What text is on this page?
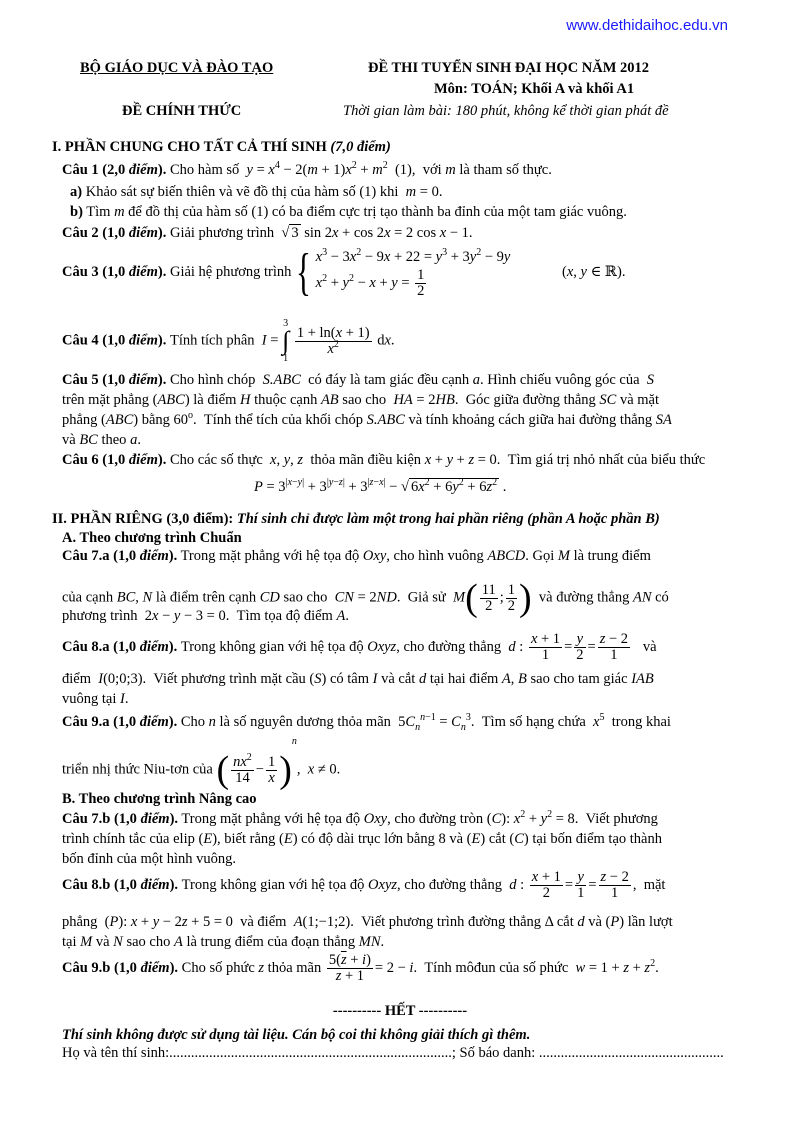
www.dethidaihoc.edu.vn
BỘ GIÁO DỤC VÀ ĐÀO TẠO
ĐỀ CHÍNH THỨC
ĐỀ THI TUYỂN SINH ĐẠI HỌC NĂM 2012
Môn: TOÁN; Khối A và khối A1
Thời gian làm bài: 180 phút, không kể thời gian phát đề
I. PHẦN CHUNG CHO TẤT CẢ THÍ SINH (7,0 điểm)
Câu 1 (2,0 điểm). Cho hàm số  $y = x^4 - 2(m + 1)x^2 + m^2$  (1),  với m là tham số thực.
a) Khảo sát sự biến thiên và vẽ đồ thị của hàm số (1) khi  m = 0.
b) Tìm m để đồ thị của hàm số (1) có ba điểm cực trị tạo thành ba đỉnh của một tam giác vuông.
Câu 2 (1,0 điểm). Giải phương trình  √ 3 sin 2x + cos 2x = 2 cos x − 1.
Câu 3 (1,0 điểm). Giải hệ phương trình { $x^3 - 3x^2 - 9x + 22 = y^3 + 3y^2 - 9y$
$x^2 + y^2 - x + y = \frac{1}{2}$	(x, y ∈ ℝ).
Câu 4 (1,0 điểm). Tính tích phân  I = 3
∫
1
$\frac{1 + \ln(x + 1)}{x^2}$ dx.
Câu 5 (1,0 điểm). Cho hình chóp  S.ABC  có đáy là tam giác đều cạnh a. Hình chiếu vuông góc của  S
trên mặt phẳng (ABC) là điểm H thuộc cạnh AB sao cho  HA = 2HB.  Góc giữa đường thẳng SC và mặt
phẳng (ABC) bằng 60$^o$.  Tính thể tích của khối chóp S.ABC và tính khoảng cách giữa hai đường thẳng SA
và BC theo a.
Câu 6 (1,0 điểm). Cho các số thực  x, y, z  thỏa mãn điều kiện x + y + z = 0.  Tìm giá trị nhỏ nhất của biểu thức
$P = 3^{|x-y|} + 3^{|y-z|} + 3^{|z-x|}$ − √ $6x^2 + 6y^2 + 6z^2$ .
II. PHẦN RIÊNG (3,0 điểm): Thí sinh chỉ được làm một trong hai phần riêng (phần A hoặc phần B)
A. Theo chương trình Chuẩn
Câu 7.a (1,0 điểm). Trong mặt phẳng với hệ tọa độ Oxy, cho hình vuông ABCD. Gọi M là trung điểm
của cạnh BC, N là điểm trên cạnh CD sao cho  CN = 2ND.  Giả sử  $M( \frac{11}{2}$ ; $\frac{1}{2}$ )  và đường thẳng AN có
phương trình  2x − y − 3 = 0.  Tìm tọa độ điểm A.
Câu 8.a (1,0 điểm). Trong không gian với hệ tọa độ Oxyz, cho đường thẳng  d : $\frac{x + 1}{1} = \frac{y}{2} = \frac{z - 2}{1}$ và
điểm  I(0;0;3).  Viết phương trình mặt cầu (S) có tâm I và cắt d tại hai điểm A, B sao cho tam giác IAB
vuông tại I.
Câu 9.a (1,0 điểm). Cho n là số nguyên dương thỏa mãn  $5C_n^{n-1} = C_n^3$.  Tìm số hạng chứa  $x^5$  trong khai
triển nhị thức Niu-tơn của ( $\frac{nx^2}{14} - \frac{1}{x} )^n$,  x ≠ 0.
B. Theo chương trình Nâng cao
Câu 7.b (1,0 điểm). Trong mặt phẳng với hệ tọa độ Oxy, cho đường tròn (C): $x^2 + y^2 = 8$.  Viết phương
trình chính tắc của elip (E), biết rằng (E) có độ dài trục lớn bằng 8 và (E) cắt (C) tại bốn điểm tạo thành
bốn đỉnh của một hình vuông.
Câu 8.b (1,0 điểm). Trong không gian với hệ tọa độ Oxyz, cho đường thẳng  d : $\frac{x + 1}{2} = \frac{y}{1} = \frac{z - 2}{1}$ ,  mặt
phẳng  (P): x + y − 2z + 5 = 0  và điểm  A(1;−1;2).  Viết phương trình đường thẳng Δ cắt d và (P) lần lượt
tại M và N sao cho A là trung điểm của đoạn thẳng MN.
Câu 9.b (1,0 điểm). Cho số phức z thỏa mãn $\frac{5(\overline{z} + i)}{z + 1} = 2 - i$.  Tính môđun của số phức  $w = 1 + z + z^2$.
---------- HẾT ----------
Thí sinh không được sử dụng tài liệu. Cán bộ coi thi không giải thích gì thêm.
Họ và tên thí sinh:..............................................................................; Số báo danh: ...................................................
